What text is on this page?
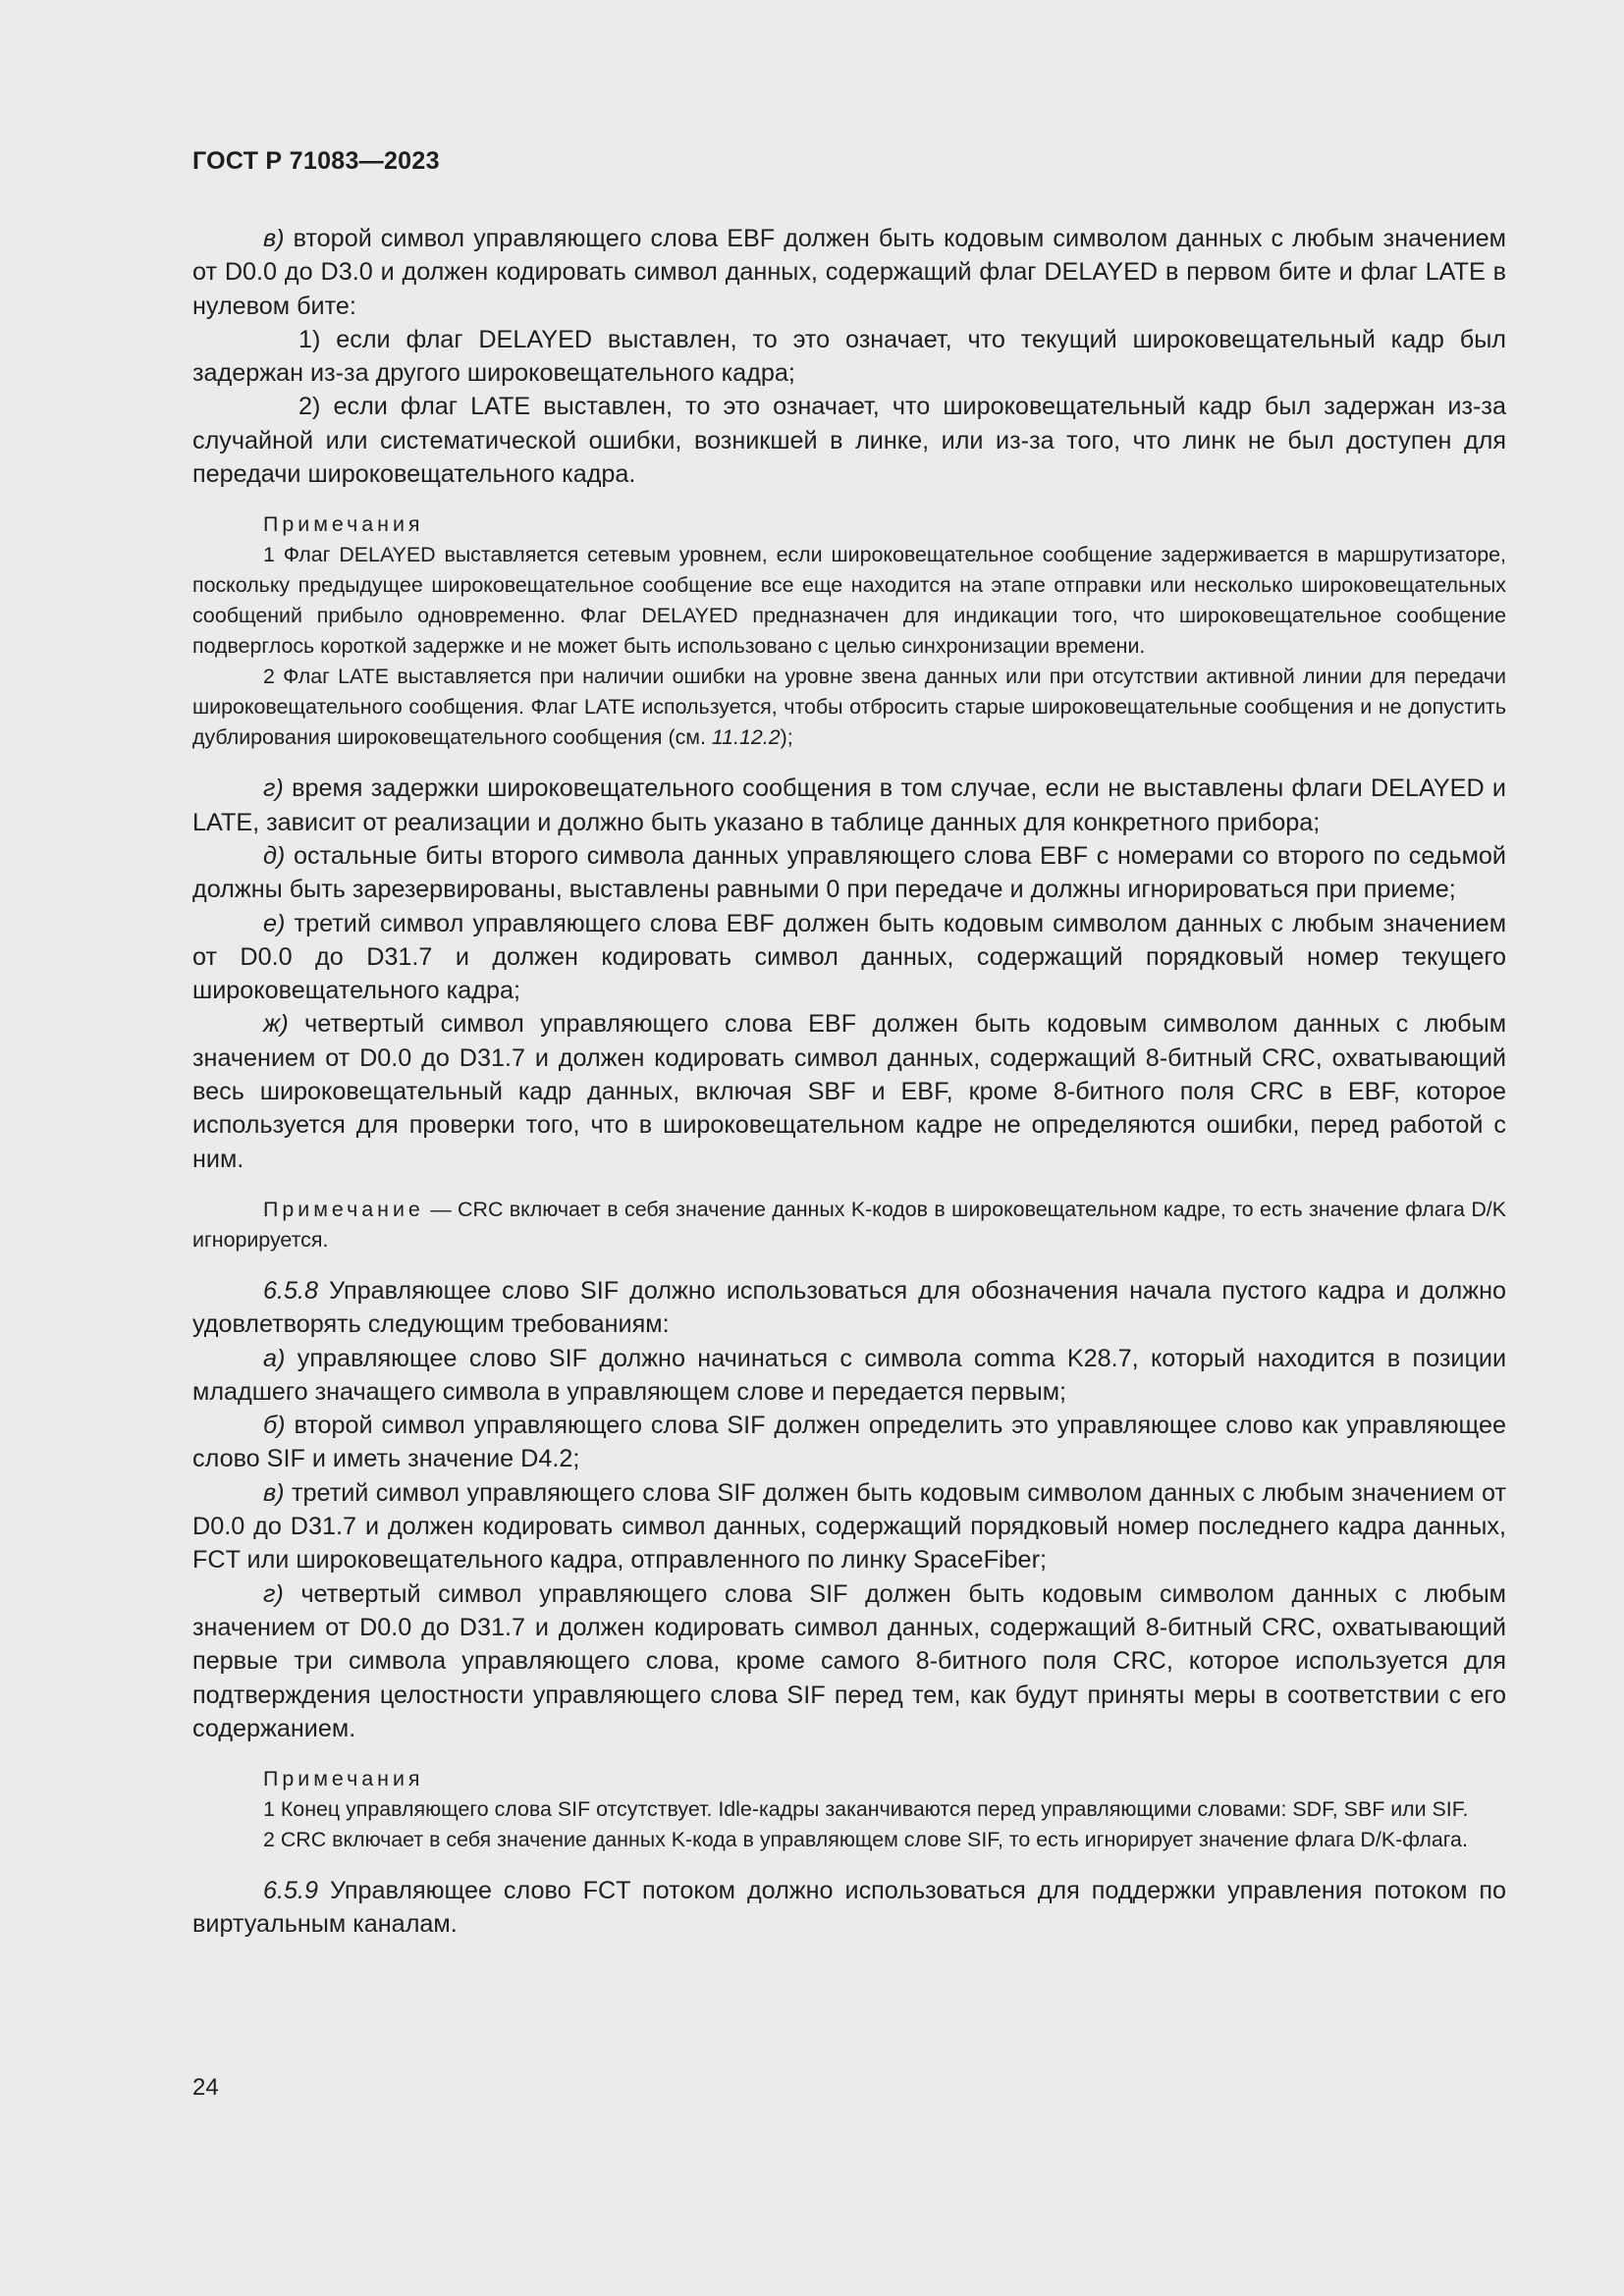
ГОСТ Р 71083—2023

в) второй символ управляющего слова EBF должен быть кодовым символом данных с любым значением от D0.0 до D3.0 и должен кодировать символ данных, содержащий флаг DELAYED в первом бите и флаг LATE в нулевом бите:

1) если флаг DELAYED выставлен, то это означает, что текущий широковещательный кадр был задержан из-за другого широковещательного кадра;

2) если флаг LATE выставлен, то это означает, что широковещательный кадр был задержан из-за случайной или систематической ошибки, возникшей в линке, или из-за того, что линк не был доступен для передачи широковещательного кадра.

Примечания

1 Флаг DELAYED выставляется сетевым уровнем, если широковещательное сообщение задерживается в маршрутизаторе, поскольку предыдущее широковещательное сообщение все еще находится на этапе отправки или несколько широковещательных сообщений прибыло одновременно. Флаг DELAYED предназначен для индикации того, что широковещательное сообщение подверглось короткой задержке и не может быть использовано с целью синхронизации времени.

2 Флаг LATE выставляется при наличии ошибки на уровне звена данных или при отсутствии активной линии для передачи широковещательного сообщения. Флаг LATE используется, чтобы отбросить старые широковещательные сообщения и не допустить дублирования широковещательного сообщения (см. 11.12.2);

г) время задержки широковещательного сообщения в том случае, если не выставлены флаги DELAYED и LATE, зависит от реализации и должно быть указано в таблице данных для конкретного прибора;

д) остальные биты второго символа данных управляющего слова EBF с номерами со второго по седьмой должны быть зарезервированы, выставлены равными 0 при передаче и должны игнорироваться при приеме;

е) третий символ управляющего слова EBF должен быть кодовым символом данных с любым значением от D0.0 до D31.7 и должен кодировать символ данных, содержащий порядковый номер текущего широковещательного кадра;

ж) четвертый символ управляющего слова EBF должен быть кодовым символом данных с любым значением от D0.0 до D31.7 и должен кодировать символ данных, содержащий 8-битный CRC, охватывающий весь широковещательный кадр данных, включая SBF и EBF, кроме 8-битного поля CRC в EBF, которое используется для проверки того, что в широковещательном кадре не определяются ошибки, перед работой с ним.

Примечание — CRC включает в себя значение данных K-кодов в широковещательном кадре, то есть значение флага D/K игнорируется.

6.5.8 Управляющее слово SIF должно использоваться для обозначения начала пустого кадра и должно удовлетворять следующим требованиям:

а) управляющее слово SIF должно начинаться с символа comma K28.7, который находится в позиции младшего значащего символа в управляющем слове и передается первым;

б) второй символ управляющего слова SIF должен определить это управляющее слово как управляющее слово SIF и иметь значение D4.2;

в) третий символ управляющего слова SIF должен быть кодовым символом данных с любым значением от D0.0 до D31.7 и должен кодировать символ данных, содержащий порядковый номер последнего кадра данных, FCT или широковещательного кадра, отправленного по линку SpaceFiber;

г) четвертый символ управляющего слова SIF должен быть кодовым символом данных с любым значением от D0.0 до D31.7 и должен кодировать символ данных, содержащий 8-битный CRC, охватывающий первые три символа управляющего слова, кроме самого 8-битного поля CRC, которое используется для подтверждения целостности управляющего слова SIF перед тем, как будут приняты меры в соответствии с его содержанием.

Примечания

1 Конец управляющего слова SIF отсутствует. Idle-кадры заканчиваются перед управляющими словами: SDF, SBF или SIF.

2 CRC включает в себя значение данных K-кода в управляющем слове SIF, то есть игнорирует значение флага D/K-флага.

6.5.9 Управляющее слово FCT потоком должно использоваться для поддержки управления потоком по виртуальным каналам.

24
